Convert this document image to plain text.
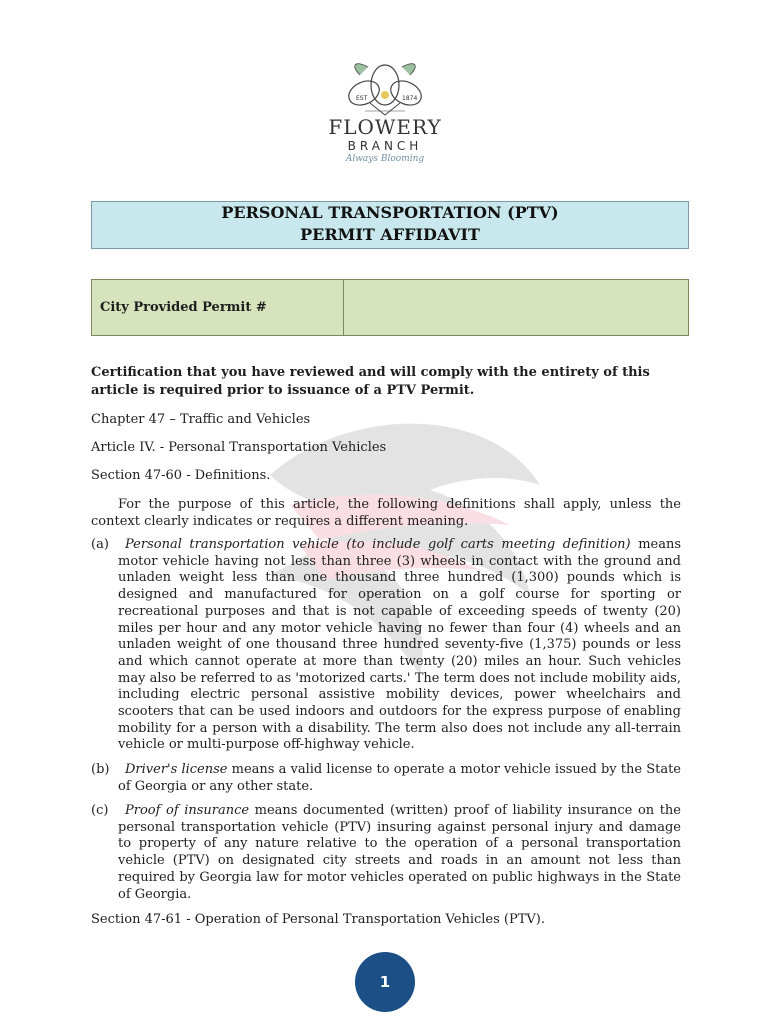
EST	1874
FLOWERY
BRANCH
Always Blooming
PERSONAL TRANSPORTATION (PTV)
PERMIT AFFIDAVIT
City Provided Permit #
Certification that you have reviewed and will comply with the entirety of this article is required prior to issuance of a PTV Permit.
Chapter 47 – Traffic and Vehicles
Article IV. - Personal Transportation Vehicles
Section 47-60 - Definitions.
For the purpose of this article, the following definitions shall apply, unless the context clearly indicates or requires a different meaning.
(a)	Personal transportation vehicle (to include golf carts meeting definition) means motor vehicle having not less than three (3) wheels in contact with the ground and unladen weight less than one thousand three hundred (1,300) pounds which is designed and manufactured for operation on a golf course for sporting or recreational purposes and that is not capable of exceeding speeds of twenty (20) miles per hour and any motor vehicle having no fewer than four (4) wheels and an unladen weight of one thousand three hundred seventy-five (1,375) pounds or less and which cannot operate at more than twenty (20) miles an hour. Such vehicles may also be referred to as 'motorized carts.' The term does not include mobility aids, including electric personal assistive mobility devices, power wheelchairs and scooters that can be used indoors and outdoors for the express purpose of enabling mobility for a person with a disability. The term also does not include any all-terrain vehicle or multi-purpose off-highway vehicle.
(b)	Driver's license means a valid license to operate a motor vehicle issued by the State of Georgia or any other state.
(c)	Proof of insurance means documented (written) proof of liability insurance on the personal transportation vehicle (PTV) insuring against personal injury and damage to property of any nature relative to the operation of a personal transportation vehicle (PTV) on designated city streets and roads in an amount not less than required by Georgia law for motor vehicles operated on public highways in the State of Georgia.
Section 47-61 - Operation of Personal Transportation Vehicles (PTV).
1
